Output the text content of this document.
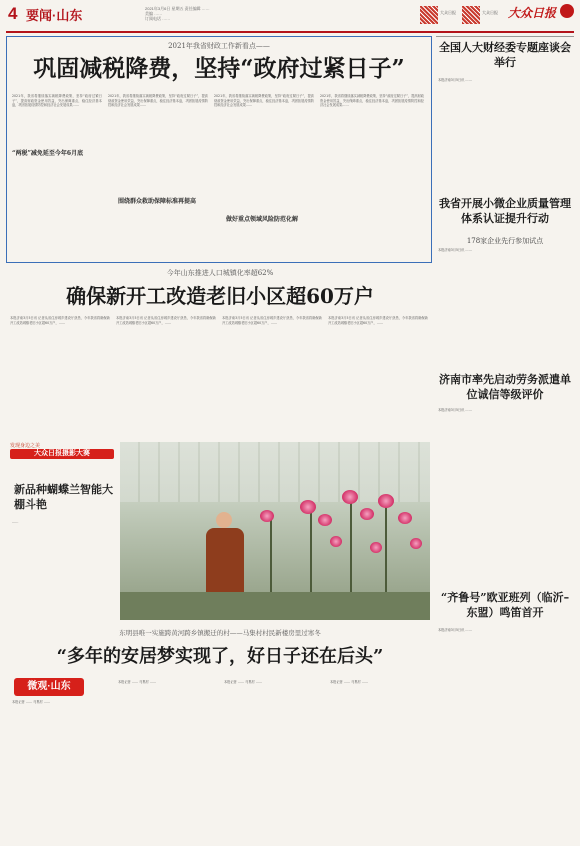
4 要闻·山东	2021年3月6日 星期五 责任编辑 ……
美编 ……
订阅电话 ……
大众日报	大众日报 大众日报
2021年我省财政工作新看点——
巩固减税降费，坚持“政府过紧日子”
2021年，我省将继续落实减税降费政策，坚持“政府过紧日子”，提高财政资金使用效益，突出保障重点，稳住经济基本盘，巩固拓展疫情防控和经济社会发展成果……
“两税”减免延至今年6月底
2021年，我省将继续落实减税降费政策，坚持“政府过紧日子”，提高财政资金使用效益，突出保障重点，稳住经济基本盘，巩固拓展疫情防控和经济社会发展成果……
围绕群众救助保障标准再提高
2021年，我省将继续落实减税降费政策，坚持“政府过紧日子”，提高财政资金使用效益，突出保障重点，稳住经济基本盘，巩固拓展疫情防控和经济社会发展成果……
做好重点领域风险防范化解
2021年，我省将继续落实减税降费政策，坚持“政府过紧日子”，提高财政资金使用效益，突出保障重点，稳住经济基本盘，巩固拓展疫情防控和经济社会发展成果……
全国人大财经委专题座谈会举行
本报济南3月5日讯 ……
我省开展小微企业质量管理体系认证提升行动
178家企业先行参加试点
本报济南3月5日讯 ……
济南市率先启动劳务派遣单位诚信等级评价
本报济南3月5日讯 ……
“齐鲁号”欧亚班列（临沂–东盟）鸣笛首开
本报济南3月5日讯 ……
今年山东推进人口城镇化率超62%
确保新开工改造老旧小区超60万户
本报济南3月5日讯 记者从省住房城乡建设厅获悉，今年我省将确保新开工改造城镇老旧小区超60万户，……
本报济南3月5日讯 记者从省住房城乡建设厅获悉，今年我省将确保新开工改造城镇老旧小区超60万户，……
本报济南3月5日讯 记者从省住房城乡建设厅获悉，今年我省将确保新开工改造城镇老旧小区超60万户，……
本报济南3月5日讯 记者从省住房城乡建设厅获悉，今年我省将确保新开工改造城镇老旧小区超60万户，……
发现身边之美
大众日报摄影大赛
新品种蝴蝶兰智能大棚斗艳
……
东明县唯一实施跨黄河跨乡镇搬迁的村——马集村村民新楼房里过寒冬
“多年的安居梦实现了，好日子还在后头”
微观·山东
本报记者 …… 马集村 ……
本报记者 …… 马集村 ……	本报记者 …… 马集村 ……	本报记者 …… 马集村 ……
